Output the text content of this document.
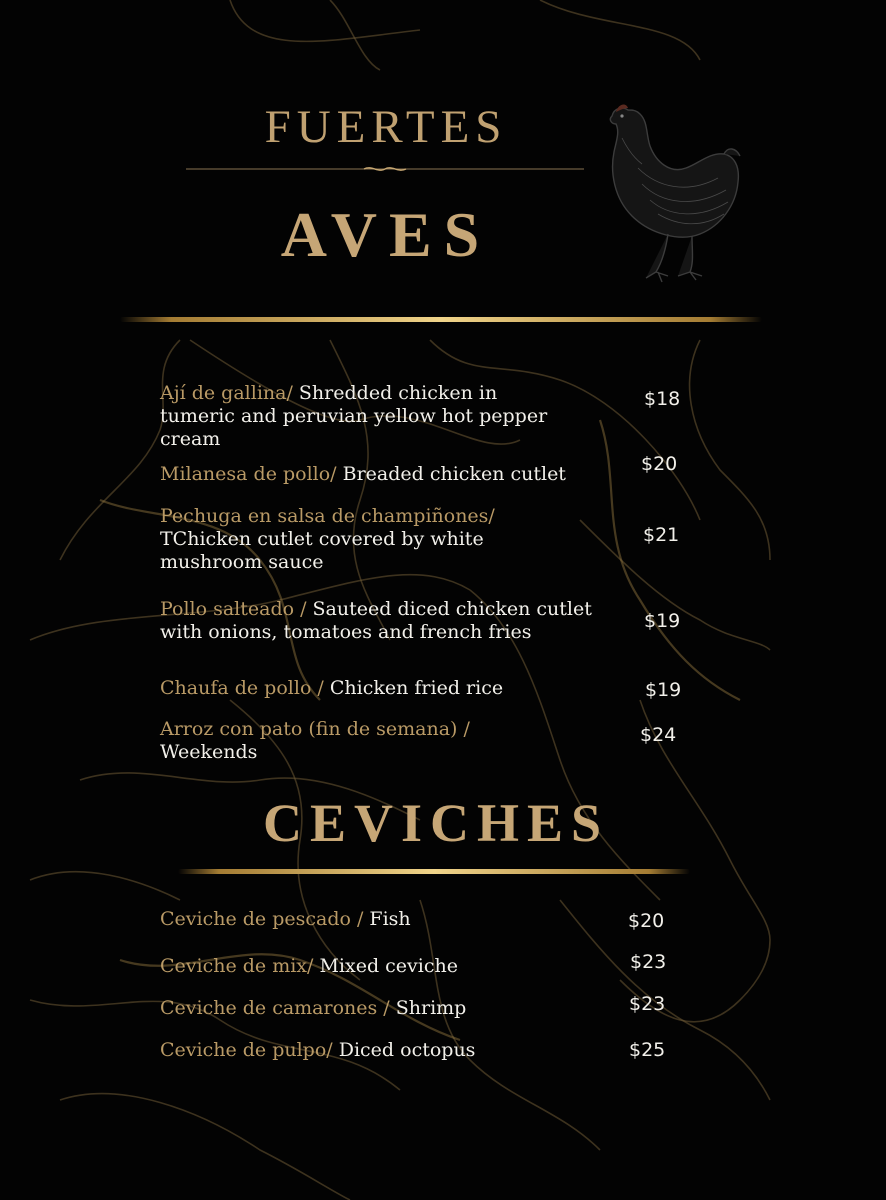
FUERTES
AVES
Ají de gallina/ Shredded chicken in tumeric and peruvian yellow hot pepper cream
$18
Milanesa de pollo/ Breaded chicken cutlet	$20
Pechuga en salsa de champiñones/ TChicken cutlet covered by white mushroom sauce
$21
Pollo salteado / Sauteed diced chicken cutlet with onions, tomatoes and french fries	$19
Chaufa de pollo / Chicken fried rice	$19
Arroz con pato (fin de semana) / Weekends
$24
CEVICHES
Ceviche de pescado / Fish	$20
Ceviche de mix/ Mixed ceviche	$23
Ceviche de camarones / Shrimp	$23
Ceviche de pulpo/ Diced octopus	$25
